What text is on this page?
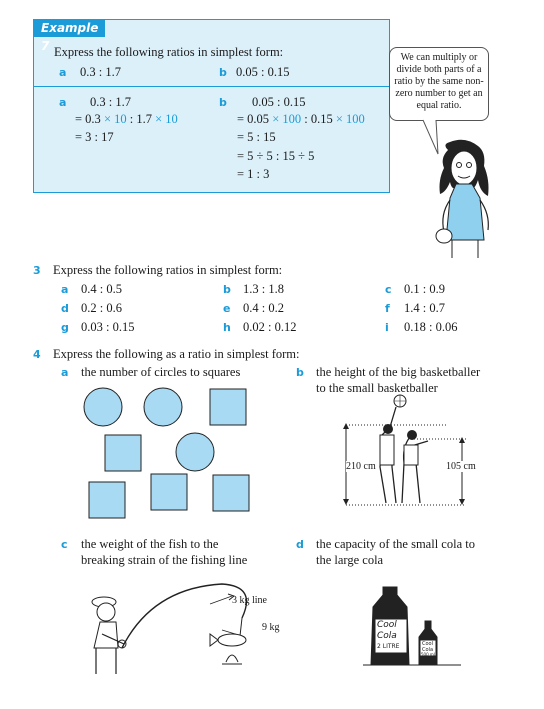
Example 7 Express the following ratios in simplest form:
a 0.3 : 1.7	b 0.05 : 0.15
a 0.3 : 1.7
= 0.3 × 10 : 1.7 × 10
= 3 : 17
b 0.05 : 0.15
= 0.05 × 100 : 0.15 × 100
= 5 : 15
= 5 ÷ 5 : 15 ÷ 5
= 1 : 3
We can multiply or divide both parts of a ratio by the same non-zero number to get an equal ratio.
3 Express the following ratios in simplest form:
a 0.4 : 0.5	b 1.3 : 1.8	c 0.1 : 0.9
d 0.2 : 0.6	e 0.4 : 0.2	f 1.4 : 0.7
g 0.03 : 0.15	h 0.02 : 0.12	i 0.18 : 0.06
4 Express the following as a ratio in simplest form:
a the number of circles to squares	b the height of the big basketballer
to the small basketballer
210 cm	105 cm
c the weight of the fish to the
breaking strain of the fishing line
d the capacity of the small cola to
the large cola
3 kg line
9 kg	Cool
Cola
2 LITRE	Cool
Cola
500 mL
